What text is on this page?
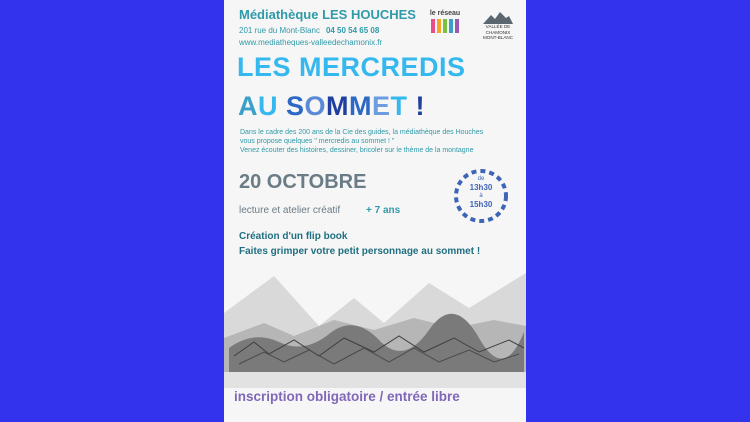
Médiathèque LES HOUCHES
201 rue du Mont-Blanc 04 50 54 65 08
www.mediatheques-valleedechamonix.fr
le réseau
VALLÉE DE CHAMONIX
MONT-BLANC
LES MERCREDIS
AU SOMMET !
Dans le cadre des 200 ans de la Cie des guides, la médiathèque des Houches
vous propose quelques " mercredis au sommet ! "
Venez écouter des histoires, dessiner, bricoler sur le thème de la montagne
20 OCTOBRE
lecture et atelier créatif	+ 7 ans
de
13h30
à
15h30
Création d'un flip book
Faites grimper votre petit personnage au sommet !
inscription obligatoire / entrée libre
